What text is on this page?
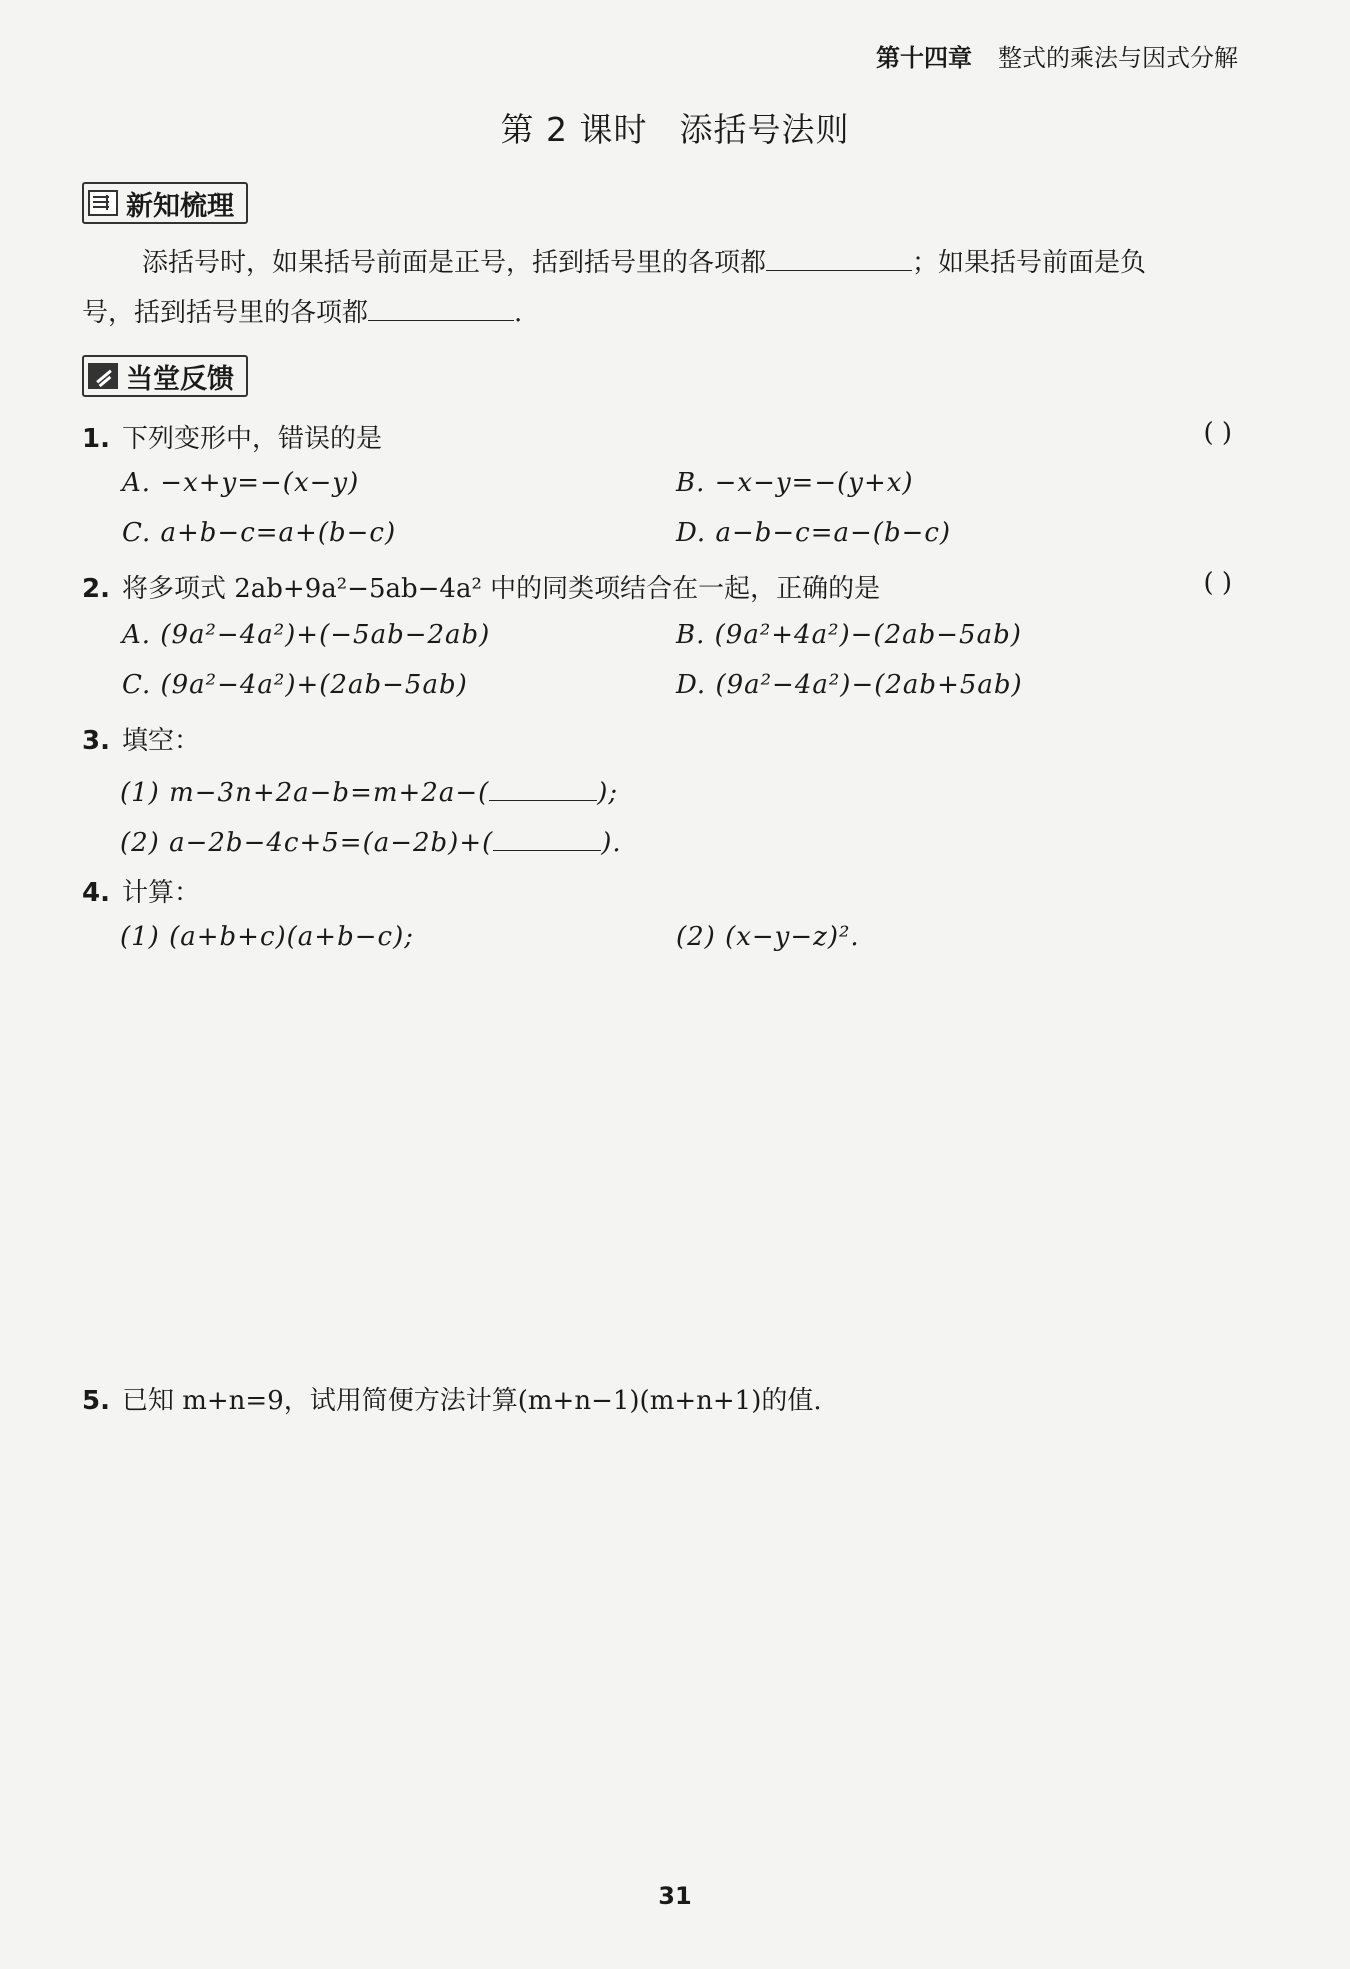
第十四章 整式的乘法与因式分解
第 2 课时 添括号法则
新知梳理
添括号时，如果括号前面是正号，括到括号里的各项都	；如果括号前面是负
号，括到括号里的各项都	.
当堂反馈
1. 下列变形中，错误的是	( )
A. −x+y=−(x−y)	B. −x−y=−(y+x)
C. a+b−c=a+(b−c)	D. a−b−c=a−(b−c)
2. 将多项式 2ab+9a²−5ab−4a² 中的同类项结合在一起，正确的是	( )
A. (9a²−4a²)+(−5ab−2ab)	B. (9a²+4a²)−(2ab−5ab)
C. (9a²−4a²)+(2ab−5ab)	D. (9a²−4a²)−(2ab+5ab)
3. 填空：
(1) m−3n+2a−b=m+2a−(	);
(2) a−2b−4c+5=(a−2b)+(	).
4. 计算：
(1) (a+b+c)(a+b−c);	(2) (x−y−z)².
5. 已知 m+n=9，试用简便方法计算(m+n−1)(m+n+1)的值.
31
